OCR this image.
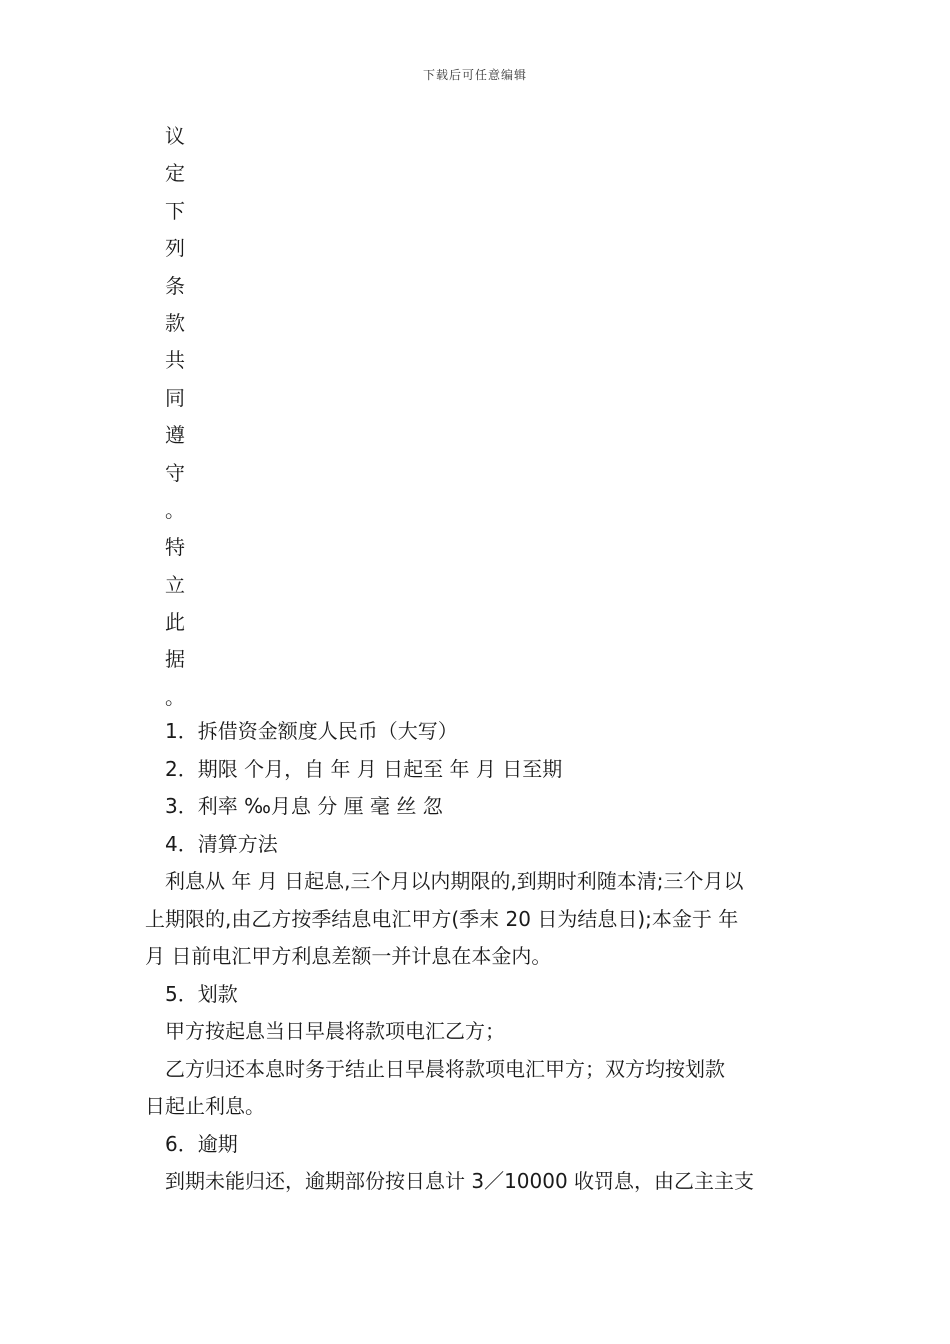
下载后可任意编辑
议
定
下
列
条
款
共
同
遵
守
。
特
立
此
据
。
1．拆借资金额度人民币（大写）
2．期限 个月，自 年 月 日起至 年 月 日至期
3．利率 ‰月息 分 厘 毫 丝 忽
4．清算方法
利息从 年 月 日起息,三个月以内期限的,到期时利随本清;三个月以
上期限的,由乙方按季结息电汇甲方(季末 20 日为结息日);本金于 年
月 日前电汇甲方利息差额一并计息在本金内。
5．划款
甲方按起息当日早晨将款项电汇乙方；
乙方归还本息时务于结止日早晨将款项电汇甲方；双方均按划款
日起止利息。
6．逾期
到期未能归还，逾期部份按日息计 3／10000 收罚息，由乙主主支
